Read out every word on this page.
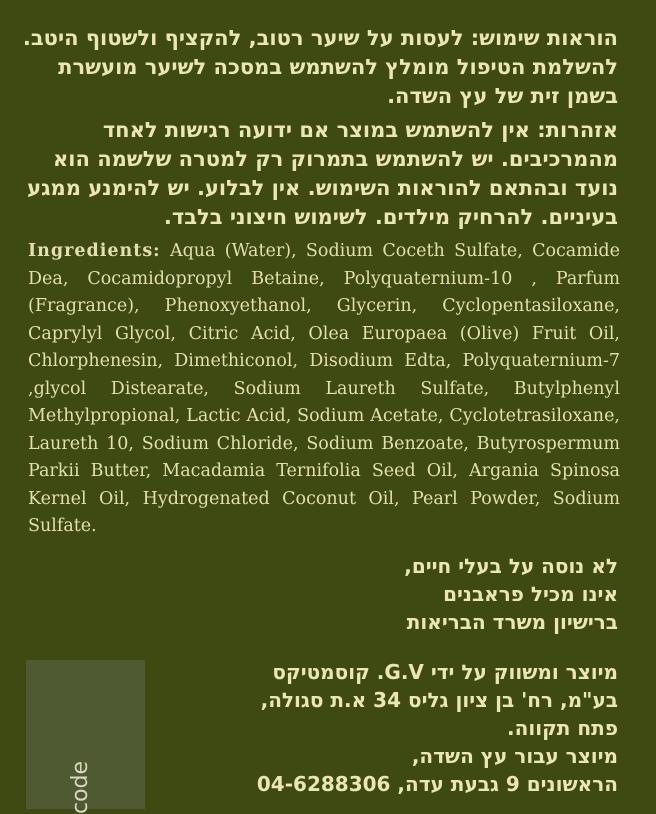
הוראות שימוש: לעסות על שיער רטוב, להקציף ולשטוף היטב. להשלמת הטיפול מומלץ להשתמש במסכה לשיער מועשרת בשמן זית של עץ השדה.

אזהרות: אין להשתמש במוצר אם ידועה רגישות לאחד מהמרכיבים. יש להשתמש בתמרוק רק למטרה שלשמה הוא נועד ובהתאם להוראות השימוש. אין לבלוע. יש להימנע ממגע בעיניים. להרחיק מילדים. לשימוש חיצוני בלבד.

Ingredients: Aqua (Water), Sodium Coceth Sulfate, Cocamide Dea, Cocamidopropyl Betaine, Polyquaternium-10 , Parfum (Fragrance), Phenoxyethanol, Glycerin, Cyclopentasiloxane, Caprylyl Glycol, Citric Acid, Olea Europaea (Olive) Fruit Oil, Chlorphenesin, Dimethiconol, Disodium Edta, Polyquaternium-7 ,glycol Distearate, Sodium Laureth Sulfate, Butylphenyl Methylpropional, Lactic Acid, Sodium Acetate, Cyclotetrasiloxane, Laureth 10, Sodium Chloride, Sodium Benzoate, Butyrospermum Parkii Butter, Macadamia Ternifolia Seed Oil, Argania Spinosa Kernel Oil, Hydrogenated Coconut Oil, Pearl Powder, Sodium Sulfate.

לא נוסה על בעלי חיים,
אינו מכיל פראבנים
ברישיון משרד הבריאות
code
מיוצר ומשווק על ידי G.V. קוסמטיקס
בע"מ, רח' בן ציון גליס 34 א.ת סגולה,
פתח תקווה.
מיוצר עבור עץ השדה,
הראשונים 9 גבעת עדה, 04-6288306
